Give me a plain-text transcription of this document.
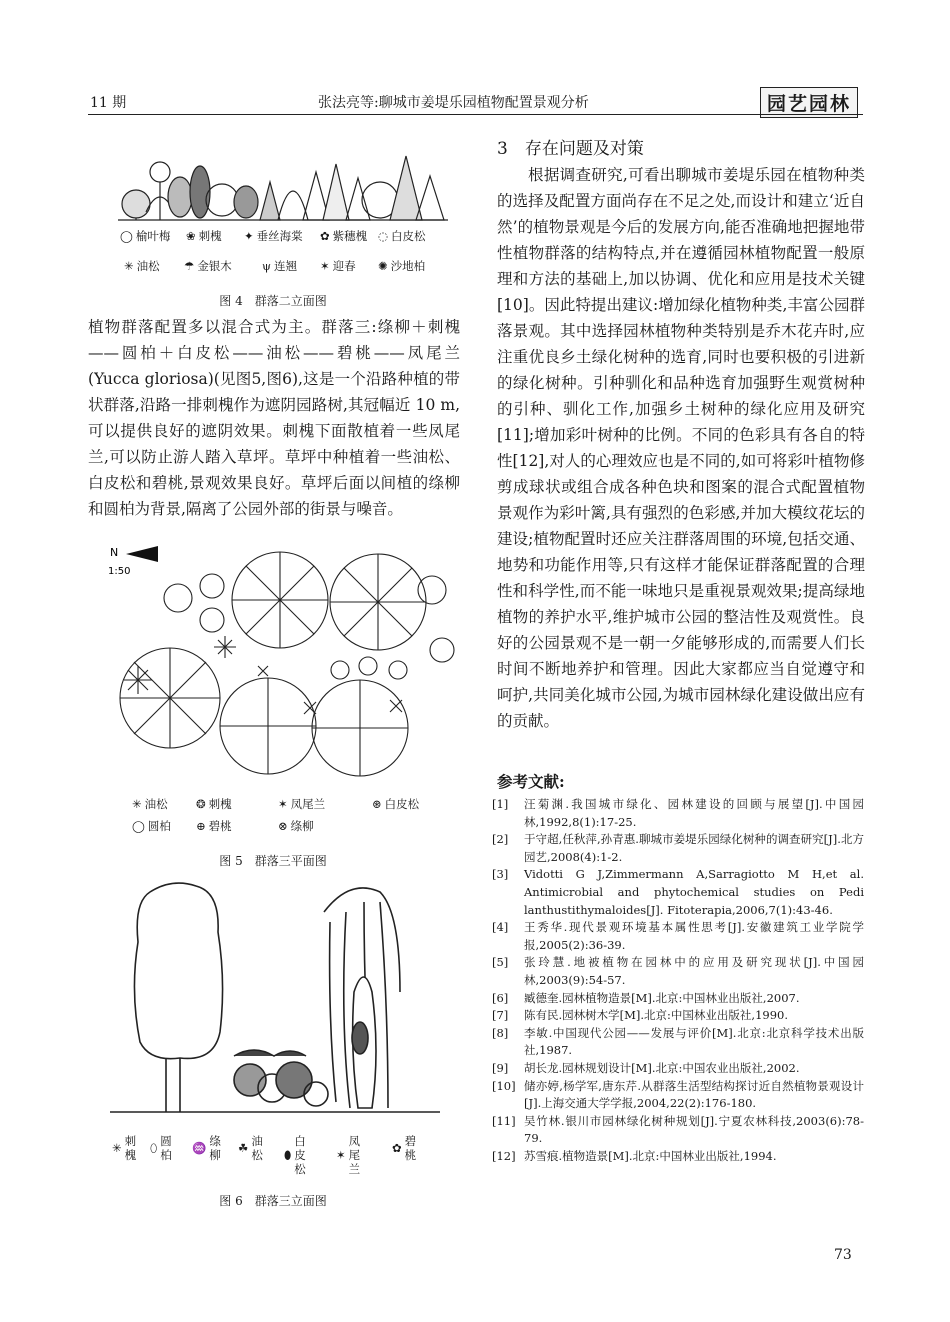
11 期	张法亮等:聊城市姜堤乐园植物配置景观分析	园艺园林
◯ 榆叶梅 ❀ 刺槐 ✦ 垂丝海棠 ✿ 紫穗槐 ◌ 白皮松
✳ 油松 ☂ 金银木	ψ 连翘 ✶ 迎春 ✺ 沙地柏
图 4　群落二立面图

植物群落配置多以混合式为主。群落三:绦柳＋刺槐——圆柏＋白皮松——油松——碧桃——凤尾兰(Yucca gloriosa)(见图5,图6),这是一个沿路种植的带状群落,沿路一排刺槐作为遮阴园路树,其冠幅近 10 m,可以提供良好的遮阴效果。刺槐下面散植着一些凤尾兰,可以防止游人踏入草坪。草坪中种植着一些油松、白皮松和碧桃,景观效果良好。草坪后面以间植的绦柳和圆柏为背景,隔离了公园外部的街景与噪音。

N
1:50
✳ 油松 ❂ 刺槐	✶ 凤尾兰	⊛ 白皮松
◯ 圆柏 ⊕ 碧桃	⊗ 绦柳
图 5　群落三平面图
✳ 刺
槐
⬯ 圆
柏 ♒ 绦
柳 ☘ 油
松 ⬮
白
皮
松
✶
凤
尾
兰
✿ 碧
桃
图 6　群落三立面图
3　 存在问题及对策

根据调查研究,可看出聊城市姜堤乐园在植物种类的选择及配置方面尚存在不足之处,而设计和建立‘近自然’的植物景观是今后的发展方向,能否准确地把握地带性植物群落的结构特点,并在遵循园林植物配置一般原理和方法的基础上,加以协调、优化和应用是技术关键[10]。因此特提出建议:增加绿化植物种类,丰富公园群落景观。其中选择园林植物种类特别是乔木花卉时,应注重优良乡土绿化树种的选育,同时也要积极的引进新的绿化树种。引种驯化和品种选育加强野生观赏树种的引种、驯化工作,加强乡土树种的绿化应用及研究[11];增加彩叶树种的比例。不同的色彩具有各自的特性[12],对人的心理效应也是不同的,如可将彩叶植物修剪成球状或组合成各种色块和图案的混合式配置植物景观作为彩叶篱,具有强烈的色彩感,并加大模纹花坛的建设;植物配置时还应关注群落周围的环境,包括交通、地势和功能作用等,只有这样才能保证群落配置的合理性和科学性,而不能一味地只是重视景观效果;提高绿地植物的养护水平,维护城市公园的整洁性及观赏性。良好的公园景观不是一朝一夕能够形成的,而需要人们长时间不断地养护和管理。因此大家都应当自觉遵守和呵护,共同美化城市公园,为城市园林绿化建设做出应有的贡献。

参考文献:
[1]	汪菊渊.我国城市绿化、园林建设的回顾与展望[J].中国园林,1992,8(1):17-25.
[2]	于守超,任秋萍,孙青惠.聊城市姜堤乐园绿化树种的调查研究[J].北方园艺,2008(4):1-2.
[3]	Vidotti G J,Zimmermann A,Sarragiotto M H,et al. Antimicrobial and phytochemical studies on Pedi lanthustithymaloides[J]. Fitoterapia,2006,7(1):43-46.
[4]	王秀华.现代景观环境基本属性思考[J].安徽建筑工业学院学报,2005(2):36-39.
[5]	张玲慧.地被植物在园林中的应用及研究现状[J].中国园林,2003(9):54-57.
[6]	臧德奎.园林植物造景[M].北京:中国林业出版社,2007.
[7]	陈有民.园林树木学[M].北京:中国林业出版社,1990.
[8]	李敏.中国现代公园——发展与评价[M].北京:北京科学技术出版社,1987.
[9]	胡长龙.园林规划设计[M].北京:中国农业出版社,2002.
[10] 储亦婷,杨学军,唐东芹.从群落生活型结构探讨近自然植物景观设计[J].上海交通大学学报,2004,22(2):176-180.
[11] 吴竹林.银川市园林绿化树种规划[J].宁夏农林科技,2003(6):78-79.
[12] 苏雪痕.植物造景[M].北京:中国林业出版社,1994.
73
